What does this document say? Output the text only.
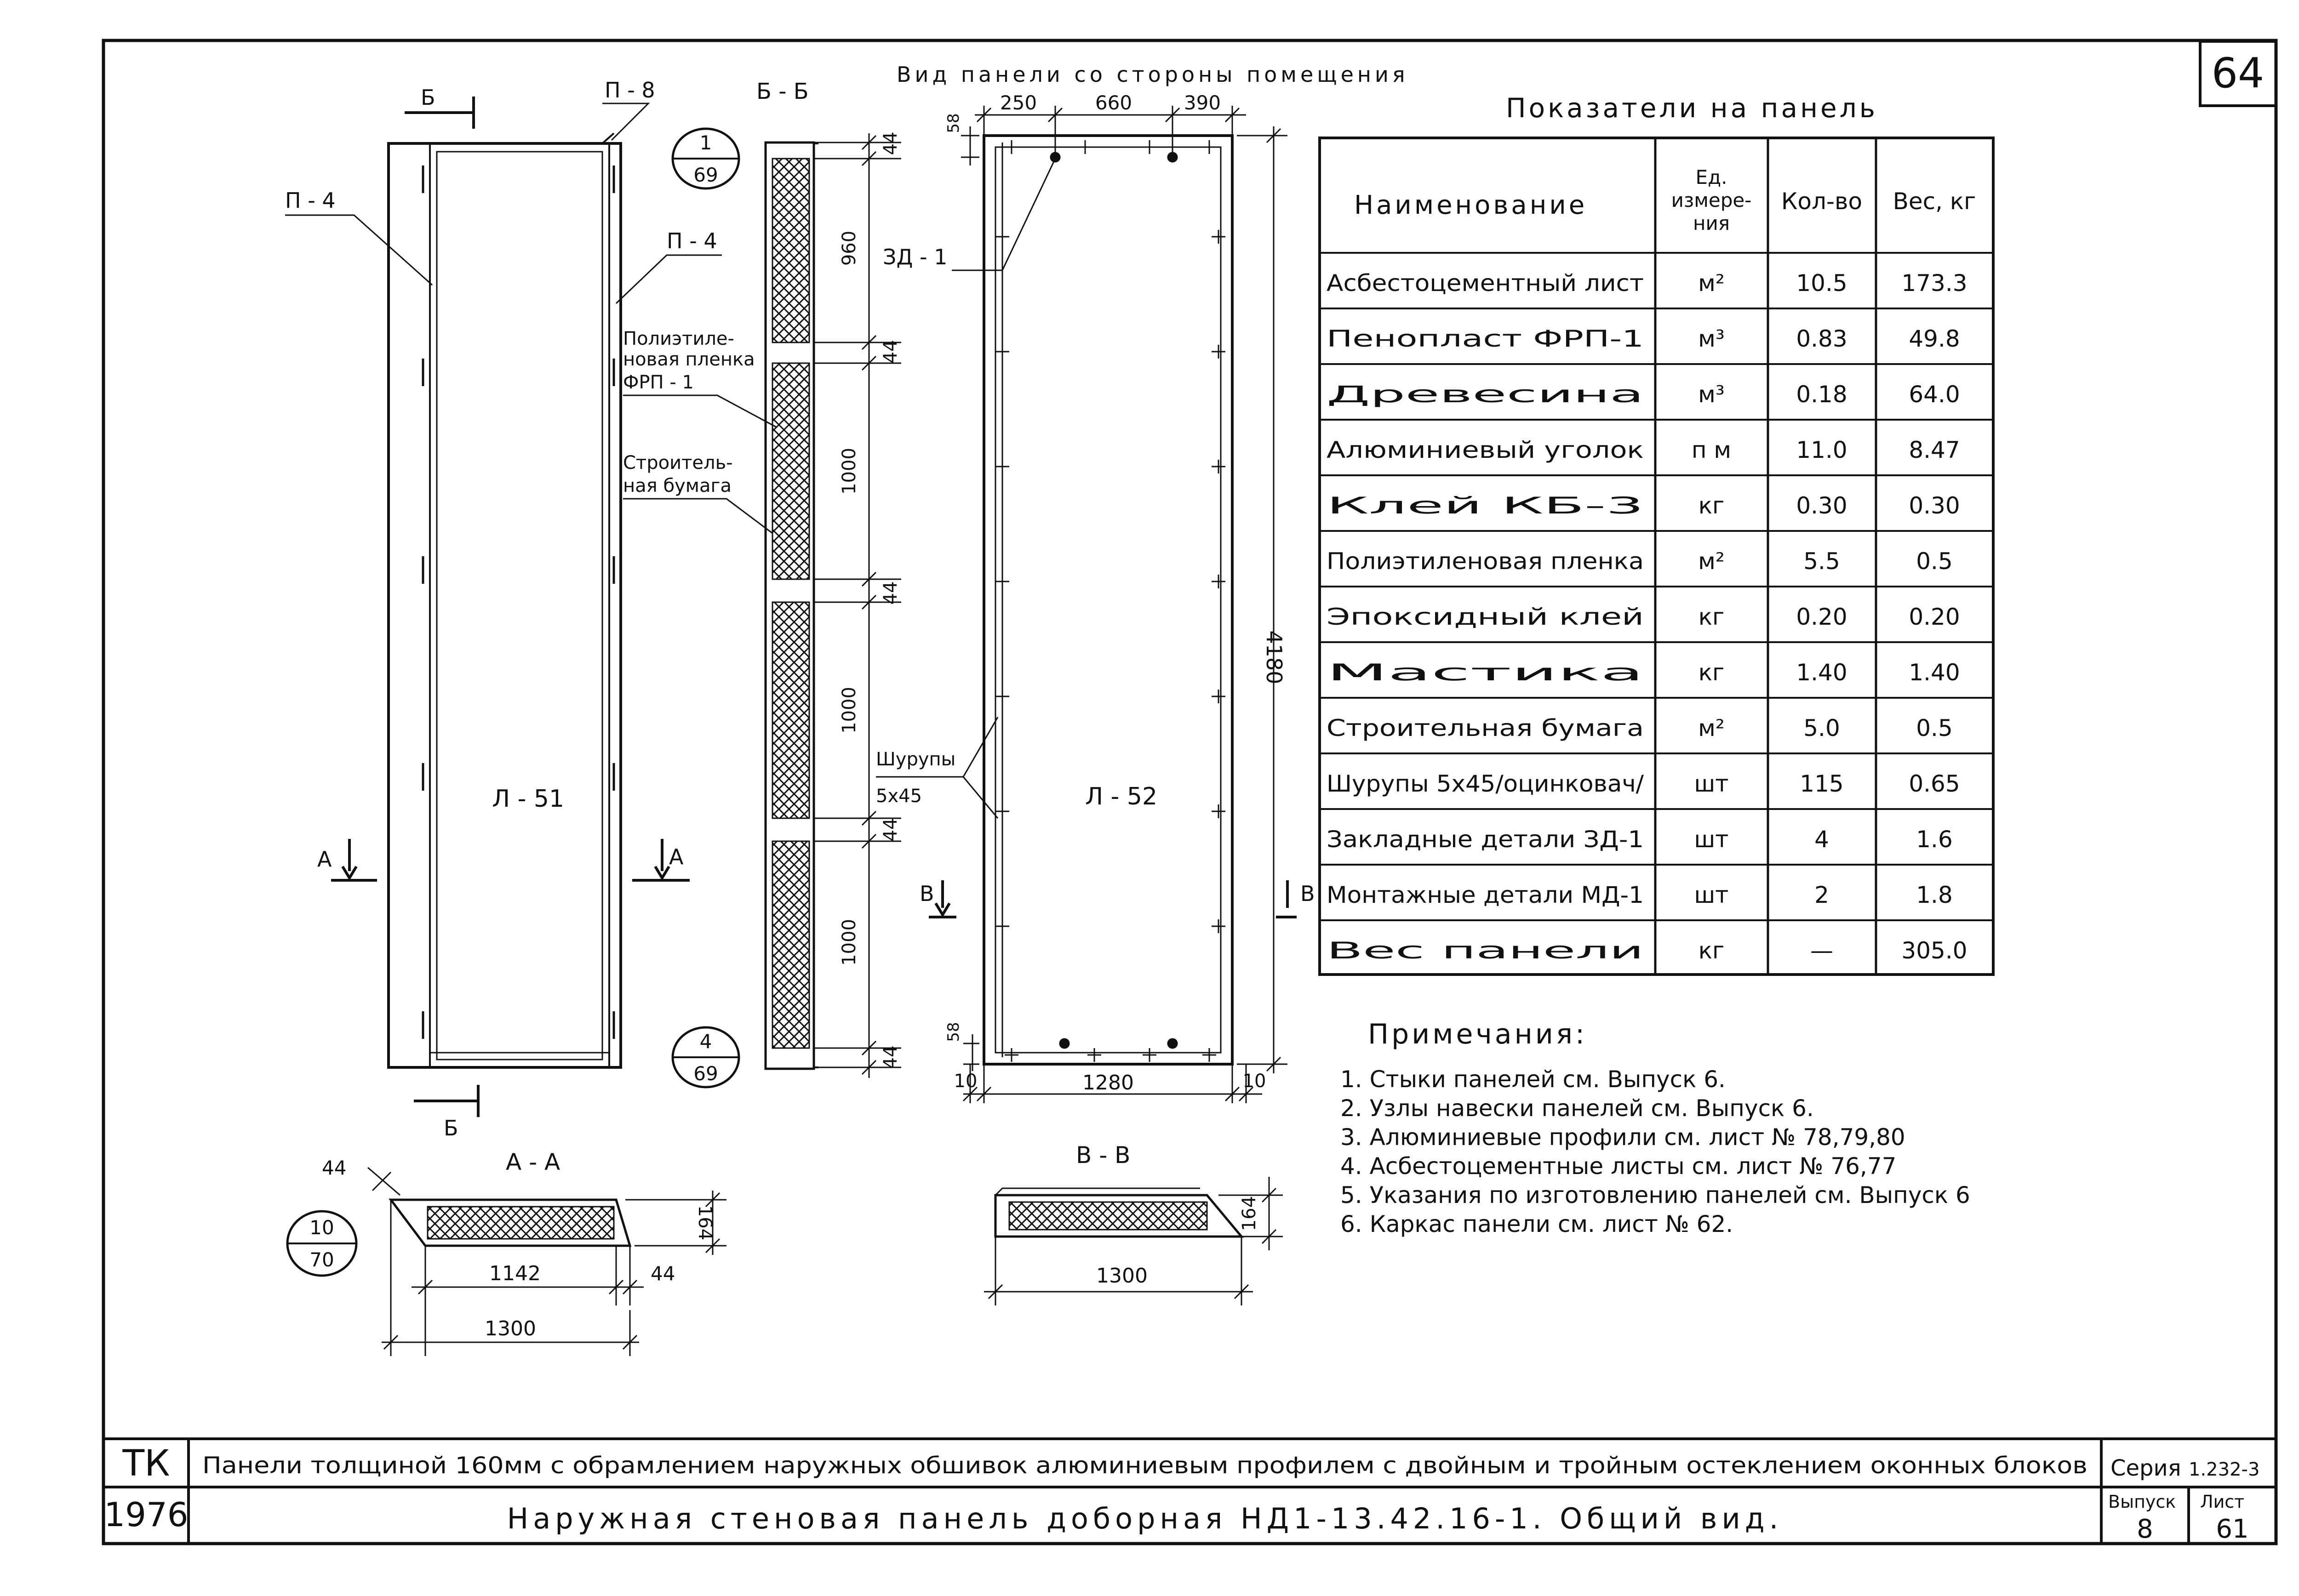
64
Вид панели со стороны помещения
Л - 51
П - 8
П - 4
П - 4
Б
Б
А	А
1
69
Б - Б
44
960
44
1000
44
1000
44
1000
44
Полиэтиле-
новая пленка
ФРП - 1
Строитель-
ная бумага
4
69
Л - 52
ЗД - 1
Шурупы
5х45
В	В
250	660	390
58
4180
58
10	1280	10
А - А
44
164
1142	44
1300
10
70
В - В
164
1300
Показатели на панель
Наименование
Ед.
измере-
ния
Кол-во Вес, кг
Асбестоцементный лист м²	10.5 173.3
Пенопласт ФРП-1 м³	0.83	49.8
Древесина м³	0.18	64.0
Алюминиевый уголок п м	11.0	8.47
Клей КБ-3 кг	0.30	0.30
Полиэтиленовая пленка м²	5.5	0.5
Эпоксидный клей кг	0.20	0.20
Мастика кг	1.40	1.40
Строительная бумага м²	5.0	0.5
Шурупы 5х45/оцинковач/ шт	115	0.65
Закладные детали ЗД-1 шт	4	1.6
Монтажные детали МД-1 шт	2	1.8
Вес панели кг	—	305.0
Примечания:
1. Стыки панелей см. Выпуск 6.
2. Узлы навески панелей см. Выпуск 6.
3. Алюминиевые профили см. лист № 78,79,80
4. Асбестоцементные листы см. лист № 76,77
5. Указания по изготовлению панелей см. Выпуск 6
6. Каркас панели см. лист № 62.
ТК
1976
Панели толщиной 160мм с обрамлением наружных обшивок алюминиевым профилем с двойным и тройным остеклением оконных блоков
Наружная стеновая панель доборная НД1-13.42.16-1. Общий вид.
Серия 1.232-3
Выпуск
8
Лист
61
